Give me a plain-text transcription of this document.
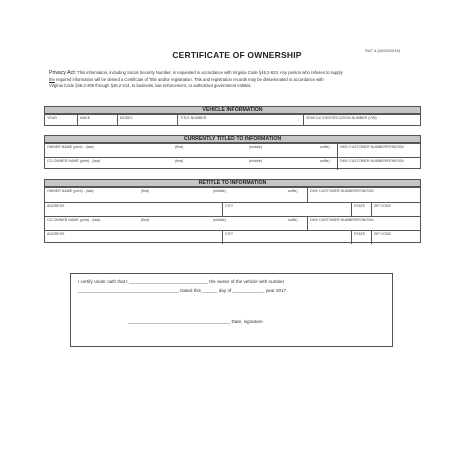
CERTIFICATE OF OWNERSHIP	SUT 4 (02/20/2015)
Privacy Act: This information, including Social Security Number, is requested in accordance with Virginia Code §46.2-623. Any person who refuses to supply
the required information will be denied a Certificate of Title and/or registration. This and registration records may be disseminated in accordance with
Virginia Code §46.2-208 through §46.2-214, to business, law enforcement, or authorized government entities.
VEHICLE INFORMATION
YEAR	MAKE	MODEL	TITLE NUMBER	VEHICLE IDENTIFICATION NUMBER (VIN)
CURRENTLY TITLED TO INFORMATION
OWNER NAME (print) - (last)	(first)	(middle)	suffix)	DMV CUSTOMER NUMBER/FEIN/SSN
CO-OWNER NAME (print) - (last)	(first)	(middle)	suffix)	DMV CUSTOMER NUMBER/FEIN/SSN
RETITLE TO INFORMATION
OWNER NAME (print) - (last)	(first)	(middle)	suffix)	DMV CUSTOMER NUMBER/FEIN/SSN
ADDRESS	CITY	STATE	ZIP CODE
CO-OWNER NAME (print) - (last)	(first)	(middle)	suffix)	DMV CUSTOMER NUMBER/FEIN/SSN
ADDRESS	CITY	STATE	ZIP CODE
I certify under oath that I _______________________________ the owner of the vehicle with number
_______________________________________, Dated this ______ day of ____________, year 2017.
________________________________________ Date, signature
